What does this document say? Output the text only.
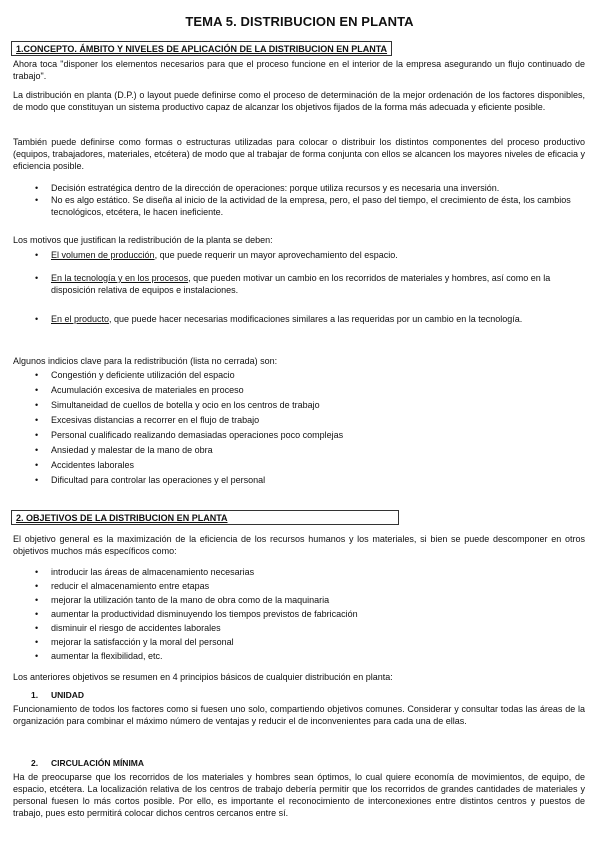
TEMA 5. DISTRIBUCION EN PLANTA
1.CONCEPTO. ÁMBITO Y NIVELES DE APLICACIÓN DE LA DISTRIBUCION EN PLANTA
Ahora toca "disponer los elementos necesarios para que el proceso funcione en el interior de la empresa asegurando un flujo continuado de trabajo".
La distribución en planta (D.P.) o layout puede definirse como el proceso de determinación de la mejor ordenación de los factores disponibles, de modo que constituyan un sistema productivo capaz de alcanzar los objetivos fijados de la forma más adecuada y eficiente posible.
También puede definirse como formas o estructuras utilizadas para colocar o distribuir los distintos componentes del proceso productivo (equipos, trabajadores, materiales, etcétera) de modo que al trabajar de forma conjunta con ellos se alcancen los mayores niveles de eficacia y eficiencia posible.
• Decisión estratégica dentro de la dirección de operaciones: porque utiliza recursos y es necesaria una inversión.
• No es algo estático. Se diseña al inicio de la actividad de la empresa, pero, el paso del tiempo, el crecimiento de ésta, los cambios tecnológicos, etcétera, le hacen ineficiente.
Los motivos que justifican la redistribución de la planta se deben:
• El volumen de producción, que puede requerir un mayor aprovechamiento del espacio.
• En la tecnología y en los procesos, que pueden motivar un cambio en los recorridos de materiales y hombres, así como en la disposición relativa de equipos e instalaciones.
• En el producto, que puede hacer necesarias modificaciones similares a las requeridas por un cambio en la tecnología.
Algunos indicios clave para la redistribución (lista no cerrada) son:
• Congestión y deficiente utilización del espacio
• Acumulación excesiva de materiales en proceso
• Simultaneidad de cuellos de botella y ocio en los centros de trabajo
• Excesivas distancias a recorrer en el flujo de trabajo
• Personal cualificado realizando demasiadas operaciones poco complejas
• Ansiedad y malestar de la mano de obra
• Accidentes laborales
• Dificultad para controlar las operaciones y el personal
2. OBJETIVOS DE LA DISTRIBUCION EN PLANTA
El objetivo general es la maximización de la eficiencia de los recursos humanos y los materiales, si bien se puede descomponer en otros objetivos muchos más específicos como:
• introducir las áreas de almacenamiento necesarias
• reducir el almacenamiento entre etapas
• mejorar la utilización tanto de la mano de obra como de la maquinaria
• aumentar la productividad disminuyendo los tiempos previstos de fabricación
• disminuir el riesgo de accidentes laborales
• mejorar la satisfacción y la moral del personal
• aumentar la flexibilidad, etc.
Los anteriores objetivos se resumen en 4 principios básicos de cualquier distribución en planta:
1. UNIDAD
Funcionamiento de todos los factores como si fuesen uno solo, compartiendo objetivos comunes. Considerar y consultar todas las áreas de la organización para combinar el máximo número de ventajas y reducir el de inconvenientes para cada una de ellas.
2. CIRCULACIÓN MÍNIMA
Ha de preocuparse que los recorridos de los materiales y hombres sean óptimos, lo cual quiere economía de movimientos, de equipo, de espacio, etcétera. La localización relativa de los centros de trabajo debería permitir que los recorridos de grandes cantidades de materiales y personal fuesen lo más cortos posible. Por ello, es importante el reconocimiento de interconexiones entre distintos centros y puestos de trabajo, pues esto permitirá colocar dichos centros cercanos entre sí.
